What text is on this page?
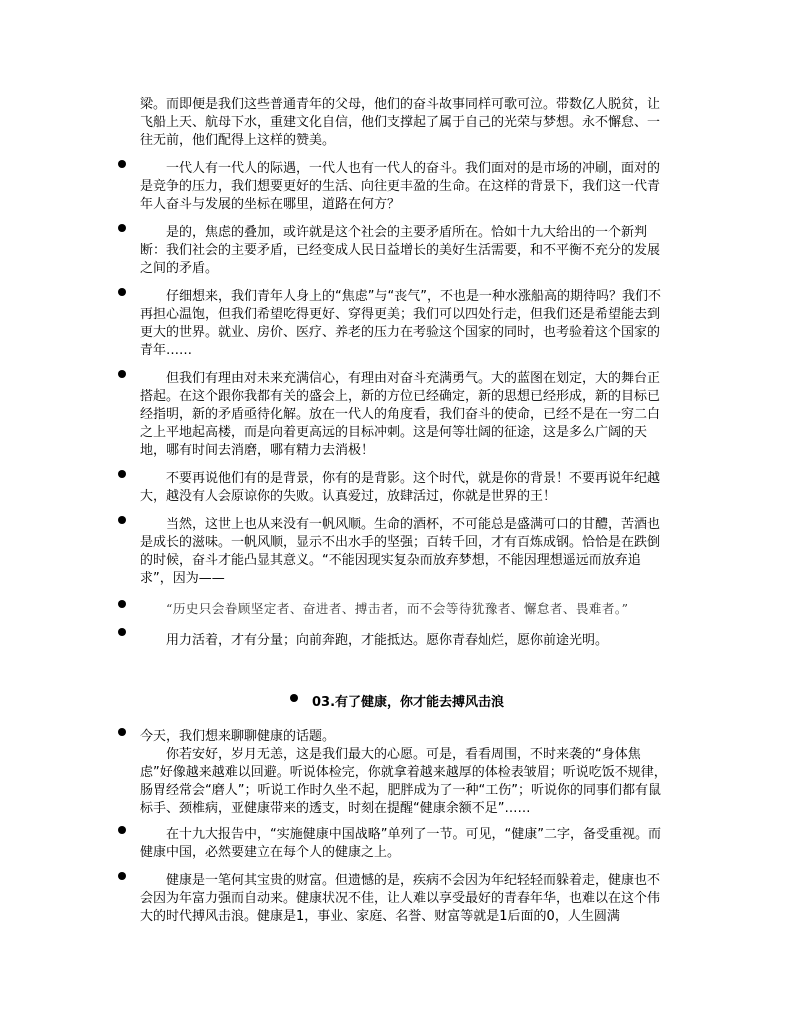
梁。而即便是我们这些普通青年的父母，他们的奋斗故事同样可歌可泣。带数亿人脱贫，让飞船上天、航母下水，重建文化自信，他们支撑起了属于自己的光荣与梦想。永不懈怠、一往无前，他们配得上这样的赞美。
一代人有一代人的际遇，一代人也有一代人的奋斗。我们面对的是市场的冲刷，面对的是竞争的压力，我们想要更好的生活、向往更丰盈的生命。在这样的背景下，我们这一代青年人奋斗与发展的坐标在哪里，道路在何方？
是的，焦虑的叠加，或许就是这个社会的主要矛盾所在。恰如十九大给出的一个新判断：我们社会的主要矛盾，已经变成人民日益增长的美好生活需要，和不平衡不充分的发展之间的矛盾。
仔细想来，我们青年人身上的“焦虑”与“丧气”，不也是一种水涨船高的期待吗？我们不再担心温饱，但我们希望吃得更好、穿得更美；我们可以四处行走，但我们还是希望能去到更大的世界。就业、房价、医疗、养老的压力在考验这个国家的同时，也考验着这个国家的青年……
但我们有理由对未来充满信心，有理由对奋斗充满勇气。大的蓝图在划定，大的舞台正搭起。在这个跟你我都有关的盛会上，新的方位已经确定，新的思想已经形成，新的目标已经指明，新的矛盾亟待化解。放在一代人的角度看，我们奋斗的使命，已经不是在一穷二白之上平地起高楼，而是向着更高远的目标冲刺。这是何等壮阔的征途，这是多么广阔的天地，哪有时间去消磨，哪有精力去消极！
不要再说他们有的是背景，你有的是背影。这个时代，就是你的背景！不要再说年纪越大，越没有人会原谅你的失败。认真爱过，放肆活过，你就是世界的王！
当然，这世上也从来没有一帆风顺。生命的酒杯，不可能总是盛满可口的甘醴，苦酒也是成长的滋味。一帆风顺，显示不出水手的坚强；百转千回，才有百炼成钢。恰恰是在跌倒的时候，奋斗才能凸显其意义。“不能因现实复杂而放弃梦想，不能因理想遥远而放弃追求”，因为——
“历史只会眷顾坚定者、奋进者、搏击者，而不会等待犹豫者、懈怠者、畏难者。”
用力活着，才有分量；向前奔跑，才能抵达。愿你青春灿烂，愿你前途光明。
03.有了健康，你才能去搏风击浪
今天，我们想来聊聊健康的话题。
你若安好，岁月无恙，这是我们最大的心愿。可是，看看周围，不时来袭的“身体焦虑”好像越来越难以回避。听说体检完，你就拿着越来越厚的体检表皱眉；听说吃饭不规律，肠胃经常会“磨人”；听说工作时久坐不起，肥胖成为了一种“工伤”；听说你的同事们都有鼠标手、颈椎病，亚健康带来的透支，时刻在提醒“健康余额不足”……
在十九大报告中，“实施健康中国战略”单列了一节。可见，“健康”二字，备受重视。而健康中国，必然要建立在每个人的健康之上。
健康是一笔何其宝贵的财富。但遗憾的是，疾病不会因为年纪轻轻而躲着走，健康也不会因为年富力强而自动来。健康状况不佳，让人难以享受最好的青春年华，也难以在这个伟大的时代搏风击浪。健康是1，事业、家庭、名誉、财富等就是1后面的0，人生圆满
